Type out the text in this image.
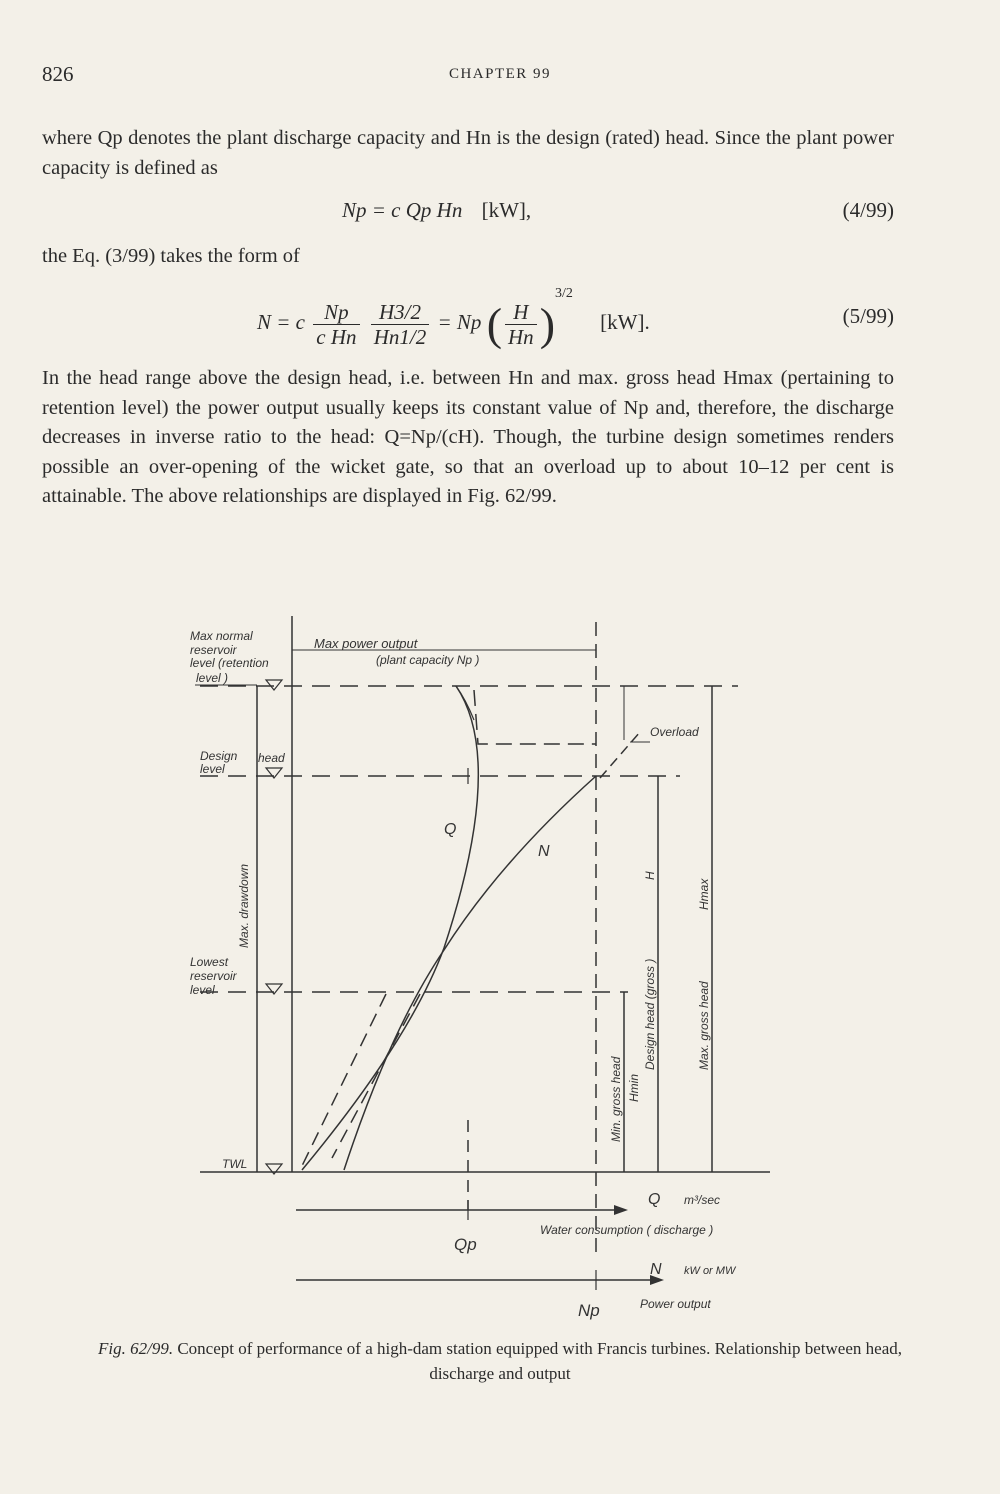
826	CHAPTER 99

where Qp denotes the plant discharge capacity and Hn is the design (rated) head. Since the plant power capacity is defined as

Np = c Qp Hn [kW],	(4/99)

the Eq. (3/99) takes the form of

N = c $\frac{Np}{\text{c Hn}}$
$\frac{H3/2}{Hn1/2} = Np$ ( $\frac{H}{Hn} )^{3/2}$ [kW].	(5/99)

In the head range above the design head, i.e. between Hn and max. gross head Hmax (pertaining to retention level) the power output usually keeps its constant value of Np and, therefore, the discharge decreases in inverse ratio to the head: Q=Np/(cH). Though, the turbine design sometimes renders possible an over-opening of the wicket gate, so that an overload up to about 10–12 per cent is attainable. The above relationships are displayed in Fig. 62/99.

Max normal
reservoir
level (retention
level )
Max power output
(plant capacity Np )
Design
level
head
Overload
Max. drawdown
Lowest
reservoir
level
Q
N
TWL
H
Design head (gross )
Hmax
Max. gross head
Min. gross head Hmin
Q m³/sec
Water consumption ( discharge )
Qp
N kW or MW
Np	Power output
Fig. 62/99. Concept of performance of a high-dam station equipped with Francis turbines. Relationship between head, discharge and output
